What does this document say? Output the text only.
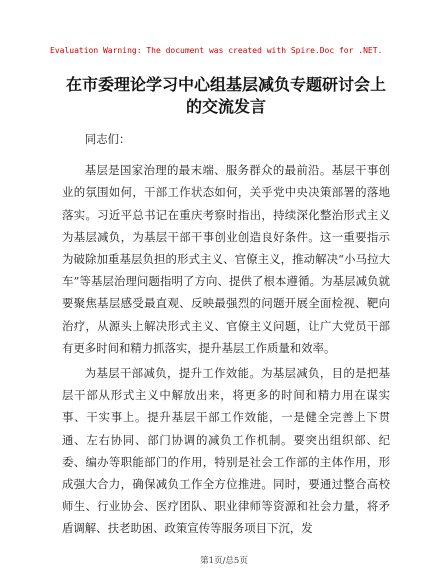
Evaluation Warning: The document was created with Spire.Doc for .NET.
在市委理论学习中心组基层减负专题研讨会上
的交流发言

同志们：

基层是国家治理的最末端、服务群众的最前沿。基层干事创业的氛围如何，干部工作状态如何，关乎党中央决策部署的落地落实。习近平总书记在重庆考察时指出，持续深化整治形式主义为基层减负，为基层干部干事创业创造良好条件。这一重要指示为破除加重基层负担的形式主义、官僚主义，推动解决“小马拉大车”等基层治理问题指明了方向、提供了根本遵循。为基层减负就要聚焦基层感受最直观、反映最强烈的问题开展全面检视、靶向治疗，从源头上解决形式主义、官僚主义问题，让广大党员干部有更多时间和精力抓落实，提升基层工作质量和效率。

为基层干部减负，提升工作效能。为基层减负，目的是把基层干部从形式主义中解放出来，将更多的时间和精力用在谋实事、干实事上。提升基层干部工作效能，一是健全完善上下贯通、左右协同、部门协调的减负工作机制。要突出组织部、纪委、编办等职能部门的作用，特别是社会工作部的主体作用，形成强大合力，确保减负工作全方位推进。同时，要通过整合高校师生、行业协会、医疗团队、职业律师等资源和社会力量，将矛盾调解、扶老助困、政策宣传等服务项目下沉，发

第1页/总5页
